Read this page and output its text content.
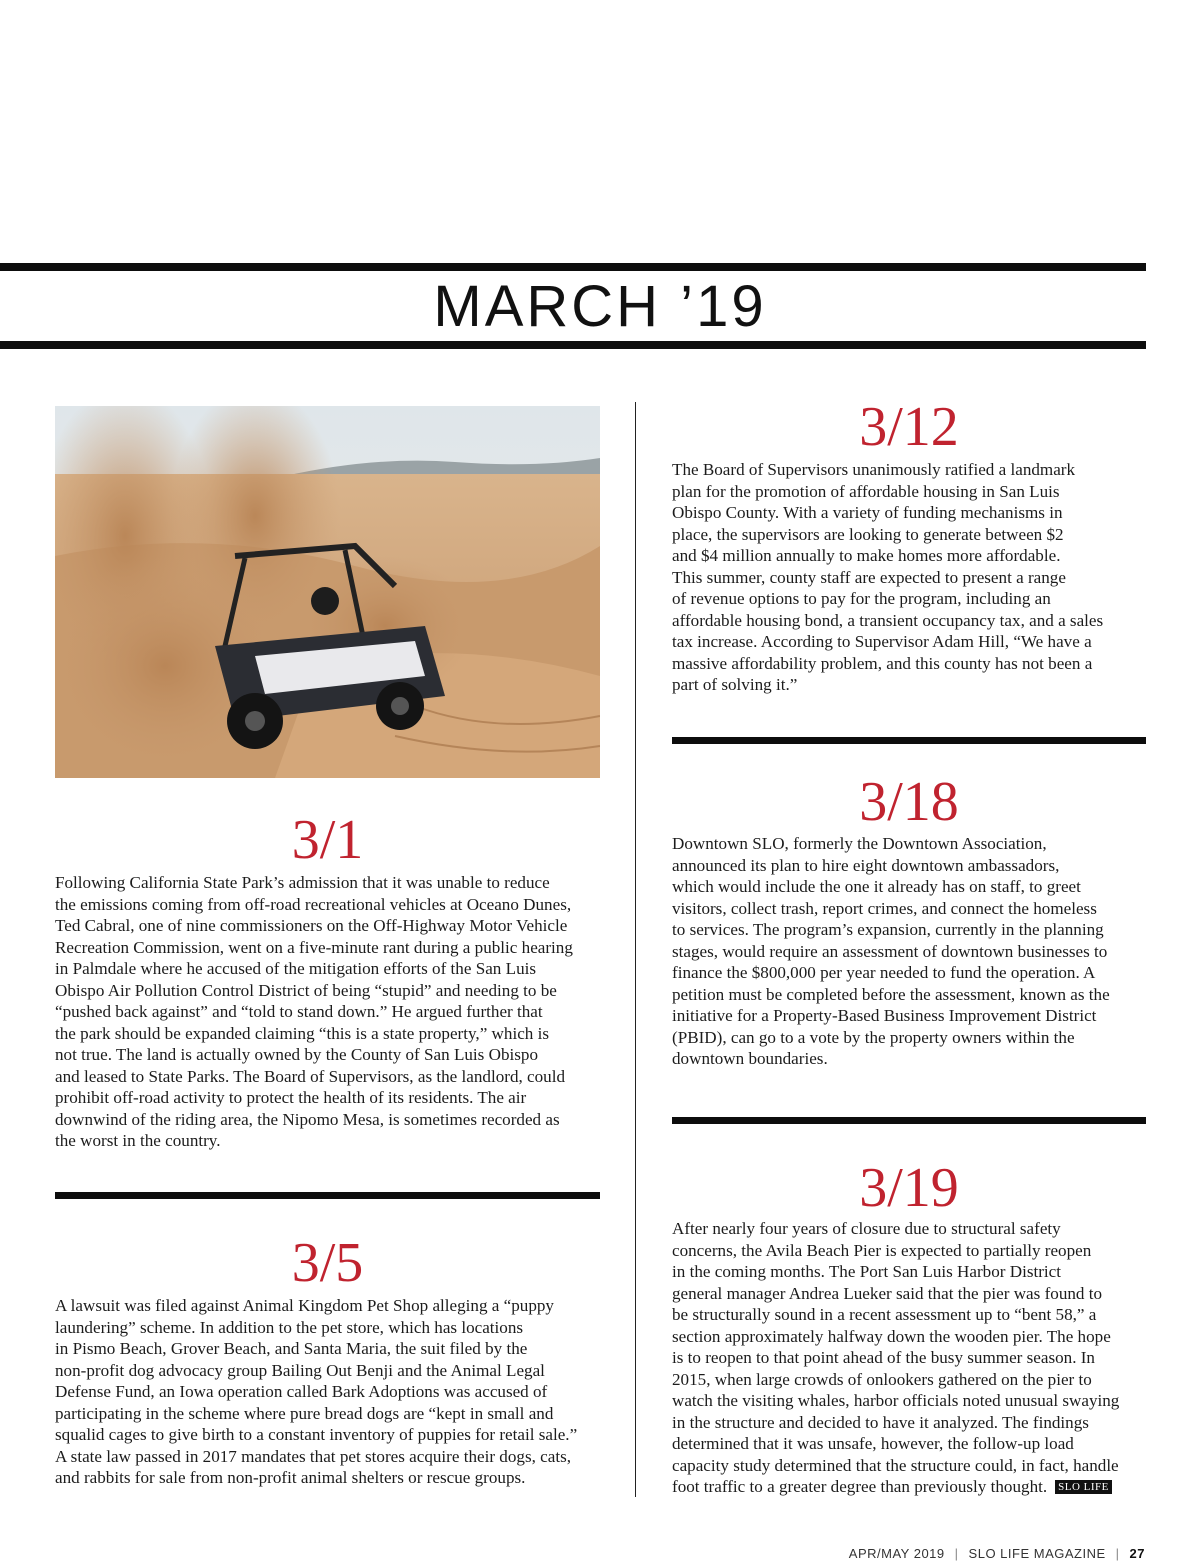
MARCH ’19
3/1
Following California State Park’s admission that it was unable to reduce
the emissions coming from off-road recreational vehicles at Oceano Dunes,
Ted Cabral, one of nine commissioners on the Off-Highway Motor Vehicle
Recreation Commission, went on a five-minute rant during a public hearing
in Palmdale where he accused of the mitigation efforts of the San Luis
Obispo Air Pollution Control District of being “stupid” and needing to be
“pushed back against” and “told to stand down.” He argued further that
the park should be expanded claiming “this is a state property,” which is
not true. The land is actually owned by the County of San Luis Obispo
and leased to State Parks. The Board of Supervisors, as the landlord, could
prohibit off-road activity to protect the health of its residents. The air
downwind of the riding area, the Nipomo Mesa, is sometimes recorded as
the worst in the country.
3/5
A lawsuit was filed against Animal Kingdom Pet Shop alleging a “puppy
laundering” scheme. In addition to the pet store, which has locations
in Pismo Beach, Grover Beach, and Santa Maria, the suit filed by the
non-profit dog advocacy group Bailing Out Benji and the Animal Legal
Defense Fund, an Iowa operation called Bark Adoptions was accused of
participating in the scheme where pure bread dogs are “kept in small and
squalid cages to give birth to a constant inventory of puppies for retail sale.”
A state law passed in 2017 mandates that pet stores acquire their dogs, cats,
and rabbits for sale from non-profit animal shelters or rescue groups.
3/12
The Board of Supervisors unanimously ratified a landmark
plan for the promotion of affordable housing in San Luis
Obispo County. With a variety of funding mechanisms in
place, the supervisors are looking to generate between $2
and $4 million annually to make homes more affordable.
This summer, county staff are expected to present a range
of revenue options to pay for the program, including an
affordable housing bond, a transient occupancy tax, and a sales
tax increase. According to Supervisor Adam Hill, “We have a
massive affordability problem, and this county has not been a
part of solving it.”
3/18
Downtown SLO, formerly the Downtown Association,
announced its plan to hire eight downtown ambassadors,
which would include the one it already has on staff, to greet
visitors, collect trash, report crimes, and connect the homeless
to services. The program’s expansion, currently in the planning
stages, would require an assessment of downtown businesses to
finance the $800,000 per year needed to fund the operation. A
petition must be completed before the assessment, known as the
initiative for a Property-Based Business Improvement District
(PBID), can go to a vote by the property owners within the
downtown boundaries.
3/19
After nearly four years of closure due to structural safety
concerns, the Avila Beach Pier is expected to partially reopen
in the coming months. The Port San Luis Harbor District
general manager Andrea Lueker said that the pier was found to
be structurally sound in a recent assessment up to “bent 58,” a
section approximately halfway down the wooden pier. The hope
is to reopen to that point ahead of the busy summer season. In
2015, when large crowds of onlookers gathered on the pier to
watch the visiting whales, harbor officials noted unusual swaying
in the structure and decided to have it analyzed. The findings
determined that it was unsafe, however, the follow-up load
capacity study determined that the structure could, in fact, handle
foot traffic to a greater degree than previously thought. SLO LIFE
APR/MAY 2019 | SLO LIFE MAGAZINE | 27
